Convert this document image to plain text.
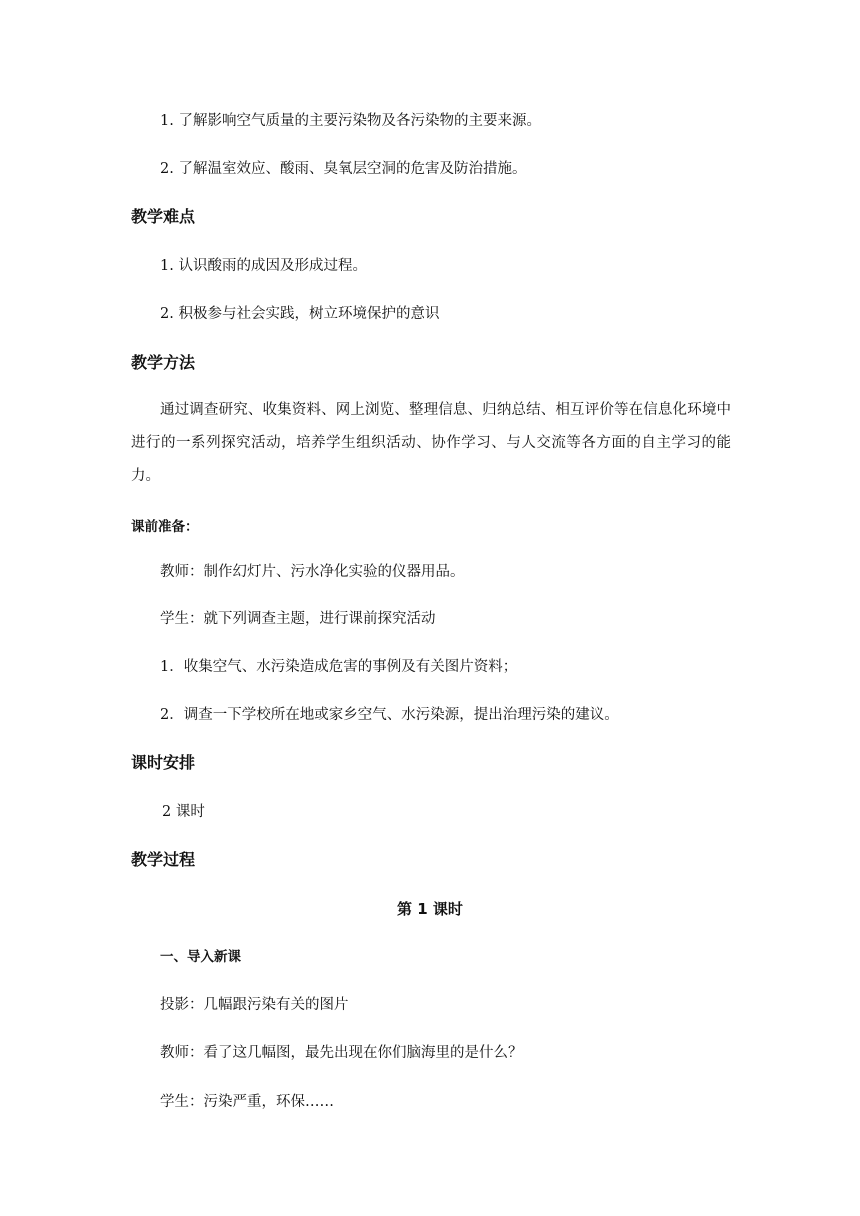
1. 了解影响空气质量的主要污染物及各污染物的主要来源。
2. 了解温室效应、酸雨、臭氧层空洞的危害及防治措施。
教学难点
1. 认识酸雨的成因及形成过程。
2. 积极参与社会实践，树立环境保护的意识
教学方法
通过调查研究、收集资料、网上浏览、整理信息、归纳总结、相互评价等在信息化环境中进行的一系列探究活动，培养学生组织活动、协作学习、与人交流等各方面的自主学习的能力。
课前准备：
教师：制作幻灯片、污水净化实验的仪器用品。
学生：就下列调查主题，进行课前探究活动
1．收集空气、水污染造成危害的事例及有关图片资料；
2．调查一下学校所在地或家乡空气、水污染源，提出治理污染的建议。
课时安排
2 课时
教学过程
第 1 课时
一、导入新课
投影：几幅跟污染有关的图片
教师：看了这几幅图，最先出现在你们脑海里的是什么？
学生：污染严重，环保……
